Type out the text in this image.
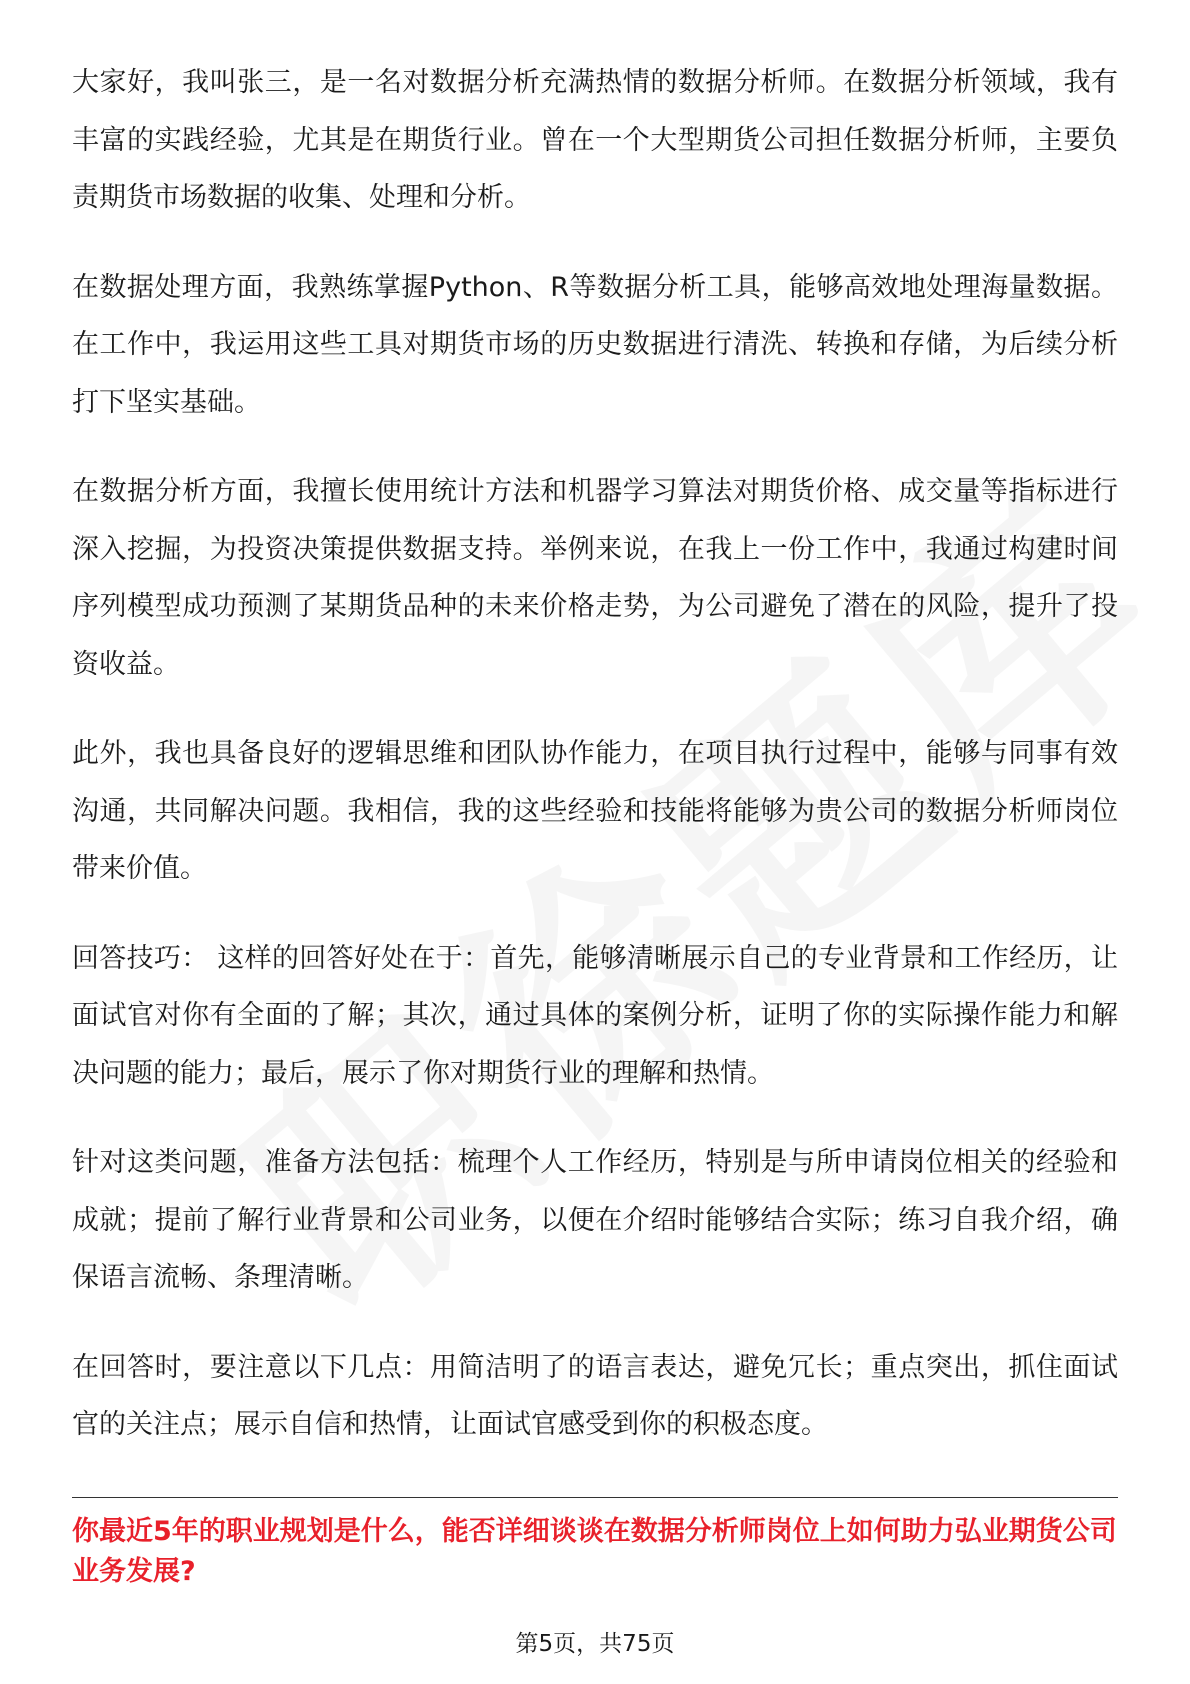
大家好，我叫张三，是一名对数据分析充满热情的数据分析师。在数据分析领域，我有丰富的实践经验，尤其是在期货行业。曾在一个大型期货公司担任数据分析师，主要负责期货市场数据的收集、处理和分析。

在数据处理方面，我熟练掌握Python、R等数据分析工具，能够高效地处理海量数据。在工作中，我运用这些工具对期货市场的历史数据进行清洗、转换和存储，为后续分析打下坚实基础。

在数据分析方面，我擅长使用统计方法和机器学习算法对期货价格、成交量等指标进行深入挖掘，为投资决策提供数据支持。举例来说，在我上一份工作中，我通过构建时间序列模型成功预测了某期货品种的未来价格走势，为公司避免了潜在的风险，提升了投资收益。

此外，我也具备良好的逻辑思维和团队协作能力，在项目执行过程中，能够与同事有效沟通，共同解决问题。我相信，我的这些经验和技能将能够为贵公司的数据分析师岗位带来价值。

回答技巧： 这样的回答好处在于：首先，能够清晰展示自己的专业背景和工作经历，让面试官对你有全面的了解；其次，通过具体的案例分析，证明了你的实际操作能力和解决问题的能力；最后，展示了你对期货行业的理解和热情。

针对这类问题，准备方法包括：梳理个人工作经历，特别是与所申请岗位相关的经验和成就；提前了解行业背景和公司业务，以便在介绍时能够结合实际；练习自我介绍，确保语言流畅、条理清晰。

在回答时，要注意以下几点：用简洁明了的语言表达，避免冗长；重点突出，抓住面试官的关注点；展示自信和热情，让面试官感受到你的积极态度。

你最近5年的职业规划是什么，能否详细谈谈在数据分析师岗位上如何助力弘业期货公司业务发展?

第5页，共75页
